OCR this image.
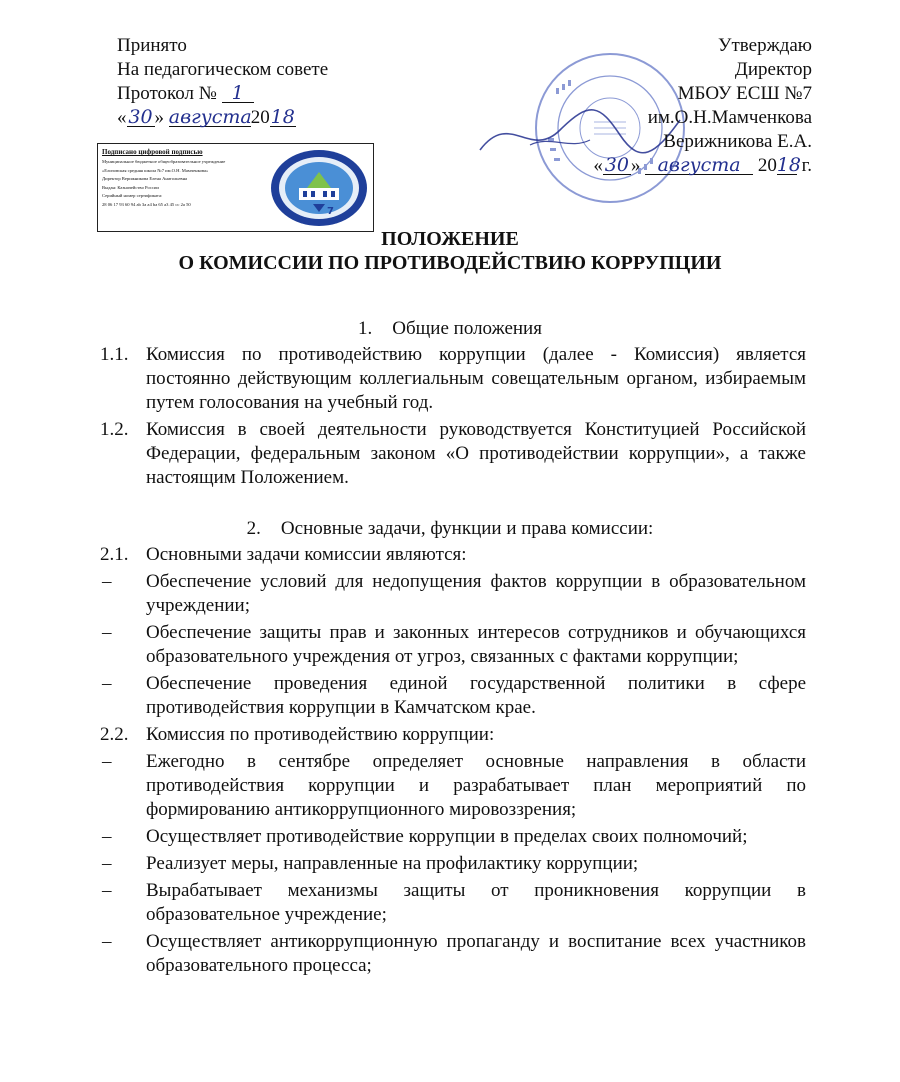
Принято
На педагогическом совете
Протокол № 1
« 30 » августа2018
Утверждаю
Директор
МБОУ ЕСШ №7
им.О.Н.Мамченкова
Верижникова Е.А.
« 30 » августа 2018 г.
Подписано цифровой подписью
Муниципальное бюджетное общеобразовательное учреждение
«Елизовская средняя школа №7 им.О.Н. Мамченкова»
Директор Верижникова Елена Анатольевна
Выдан: Казначейство России
Серийный номер сертификата:
28 06 17 93 60 94 ab 3a a4 ba 65 a3 45 cc 2a 50
7
ПОЛОЖЕНИЕ
О КОМИССИИ ПО ПРОТИВОДЕЙСТВИЮ КОРРУПЦИИ
1. Общие положения
1.1. Комиссия по противодействию коррупции (далее - Комиссия) является постоянно действующим коллегиальным совещательным органом, избираемым путем голосования на учебный год.
1.2. Комиссия в своей деятельности руководствуется Конституцией Российской Федерации, федеральным законом «О противодействии коррупции», а также настоящим Положением.
2. Основные задачи, функции и права комиссии:
2.1. Основными задачи комиссии являются:
– Обеспечение условий для недопущения фактов коррупции в образовательном учреждении;
– Обеспечение защиты прав и законных интересов сотрудников и обучающихся образовательного учреждения от угроз, связанных с фактами коррупции;
– Обеспечение проведения единой государственной политики в сфере противодействия коррупции в Камчатском крае.
2.2. Комиссия по противодействию коррупции:
– Ежегодно в сентябре определяет основные направления в области противодействия коррупции и разрабатывает план мероприятий по формированию антикоррупционного мировоззрения;
– Осуществляет противодействие коррупции в пределах своих полномочий;
– Реализует меры, направленные на профилактику коррупции;
– Вырабатывает механизмы защиты от проникновения коррупции в образовательное учреждение;
– Осуществляет антикоррупционную пропаганду и воспитание всех участников образовательного процесса;
